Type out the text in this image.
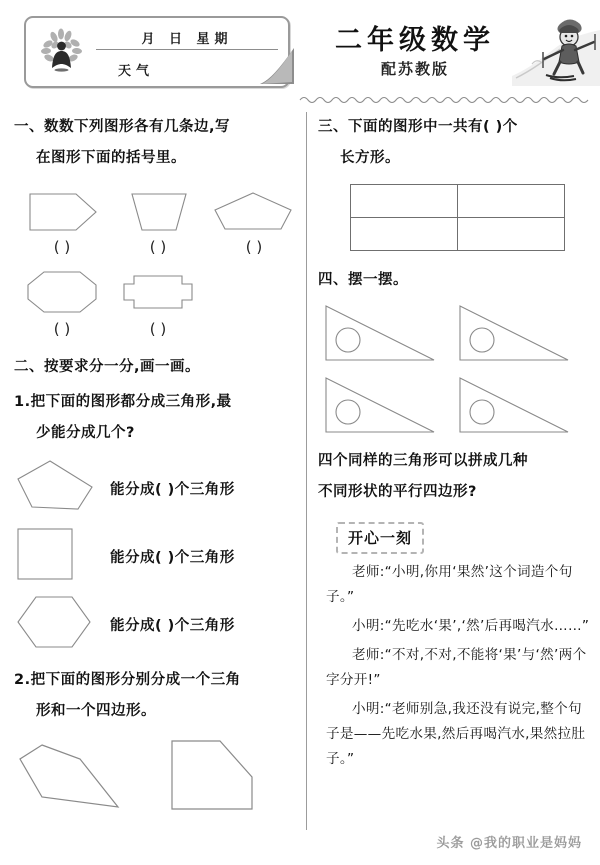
月 日 星期
天气
二年级数学
配苏教版
一、数数下列图形各有几条边,写
在图形下面的括号里。
( )	( )	( )
( )	( )
二、按要求分一分,画一画。
1.把下面的图形都分成三角形,最
少能分成几个?
能分成( )个三角形
能分成( )个三角形
能分成( )个三角形
2.把下面的图形分别分成一个三角
形和一个四边形。
三、下面的图形中一共有( )个
长方形。

四、摆一摆。
四个同样的三角形可以拼成几种
不同形状的平行四边形?
开心一刻

老师:“小明,你用‘果然’这个词造个句子。”

小明:“先吃水‘果’,‘然’后再喝汽水……”

老师:“不对,不对,不能将‘果’与‘然’两个字分开!”

小明:“老师别急,我还没有说完,整个句子是——先吃水果,然后再喝汽水,果然拉肚子。”

头条 @我的职业是妈妈
